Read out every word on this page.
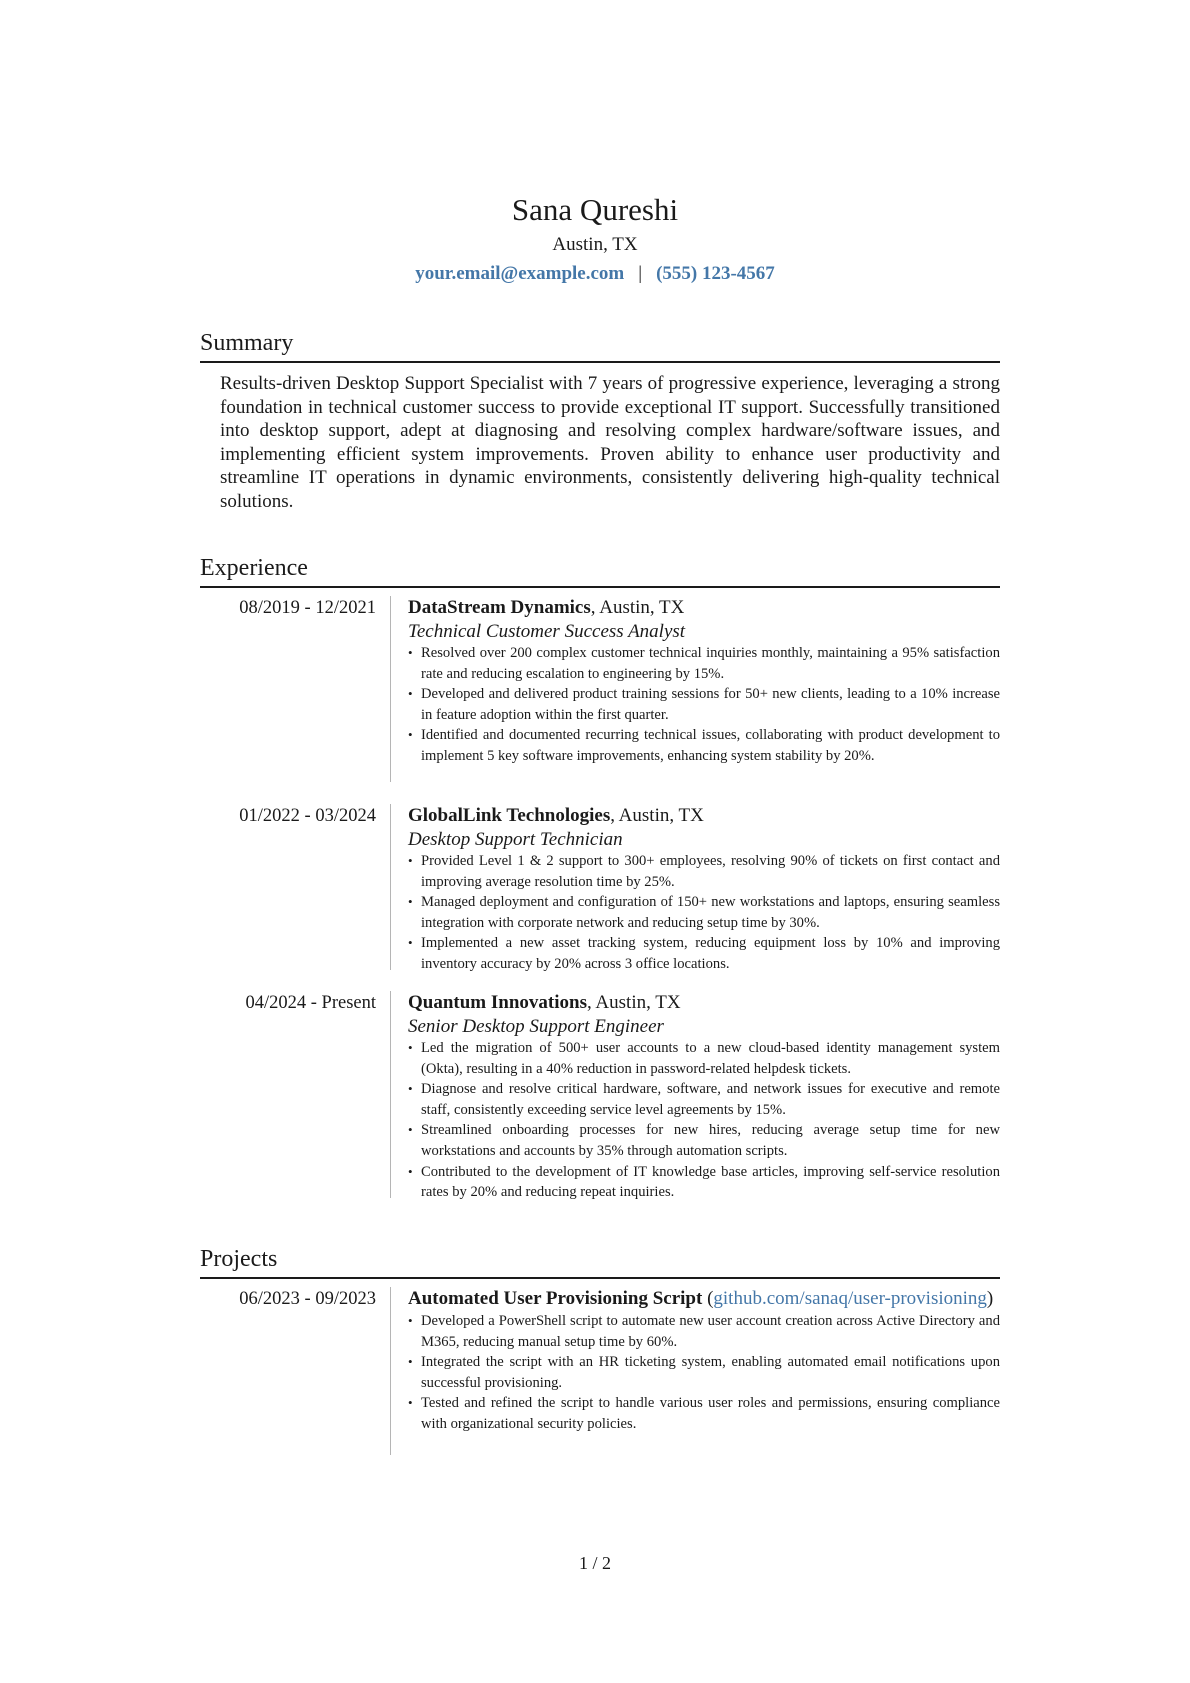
Sana Qureshi
Austin, TX
your.email@example.com | (555) 123-4567
Summary

Results-driven Desktop Support Specialist with 7 years of progressive experience, leveraging a strong foundation in technical customer success to provide exceptional IT support. Successfully transitioned into desktop support, adept at diagnosing and resolving complex hardware/software issues, and implementing efficient system improvements. Proven ability to enhance user productivity and streamline IT operations in dynamic environments, consistently delivering high-quality technical solutions.

Experience
08/2019 - 12/2021 DataStream Dynamics, Austin, TX

Technical Customer Success Analyst

• Resolved over 200 complex customer technical inquiries monthly, maintaining a 95% satisfaction rate and reducing escalation to engineering by 15%.
• Developed and delivered product training sessions for 50+ new clients, leading to a 10% increase in feature adoption within the first quarter.
• Identified and documented recurring technical issues, collaborating with product development to implement 5 key software improvements, enhancing system stability by 20%.
01/2022 - 03/2024 GlobalLink Technologies, Austin, TX

Desktop Support Technician

• Provided Level 1 & 2 support to 300+ employees, resolving 90% of tickets on first contact and improving average resolution time by 25%.
• Managed deployment and configuration of 150+ new workstations and laptops, ensuring seamless integration with corporate network and reducing setup time by 30%.
• Implemented a new asset tracking system, reducing equipment loss by 10% and improving inventory accuracy by 20% across 3 office locations.
04/2024 - Present Quantum Innovations, Austin, TX

Senior Desktop Support Engineer

• Led the migration of 500+ user accounts to a new cloud-based identity management system (Okta), resulting in a 40% reduction in password-related helpdesk tickets.
• Diagnose and resolve critical hardware, software, and network issues for executive and remote staff, consistently exceeding service level agreements by 15%.
• Streamlined onboarding processes for new hires, reducing average setup time for new workstations and accounts by 35% through automation scripts.
• Contributed to the development of IT knowledge base articles, improving self-service resolution rates by 20% and reducing repeat inquiries.
Projects
06/2023 - 09/2023 Automated User Provisioning Script (github.com/sanaq/user-provisioning)

• Developed a PowerShell script to automate new user account creation across Active Directory and M365, reducing manual setup time by 60%.
• Integrated the script with an HR ticketing system, enabling automated email notifications upon successful provisioning.
• Tested and refined the script to handle various user roles and permissions, ensuring compliance with organizational security policies.
1 / 2
